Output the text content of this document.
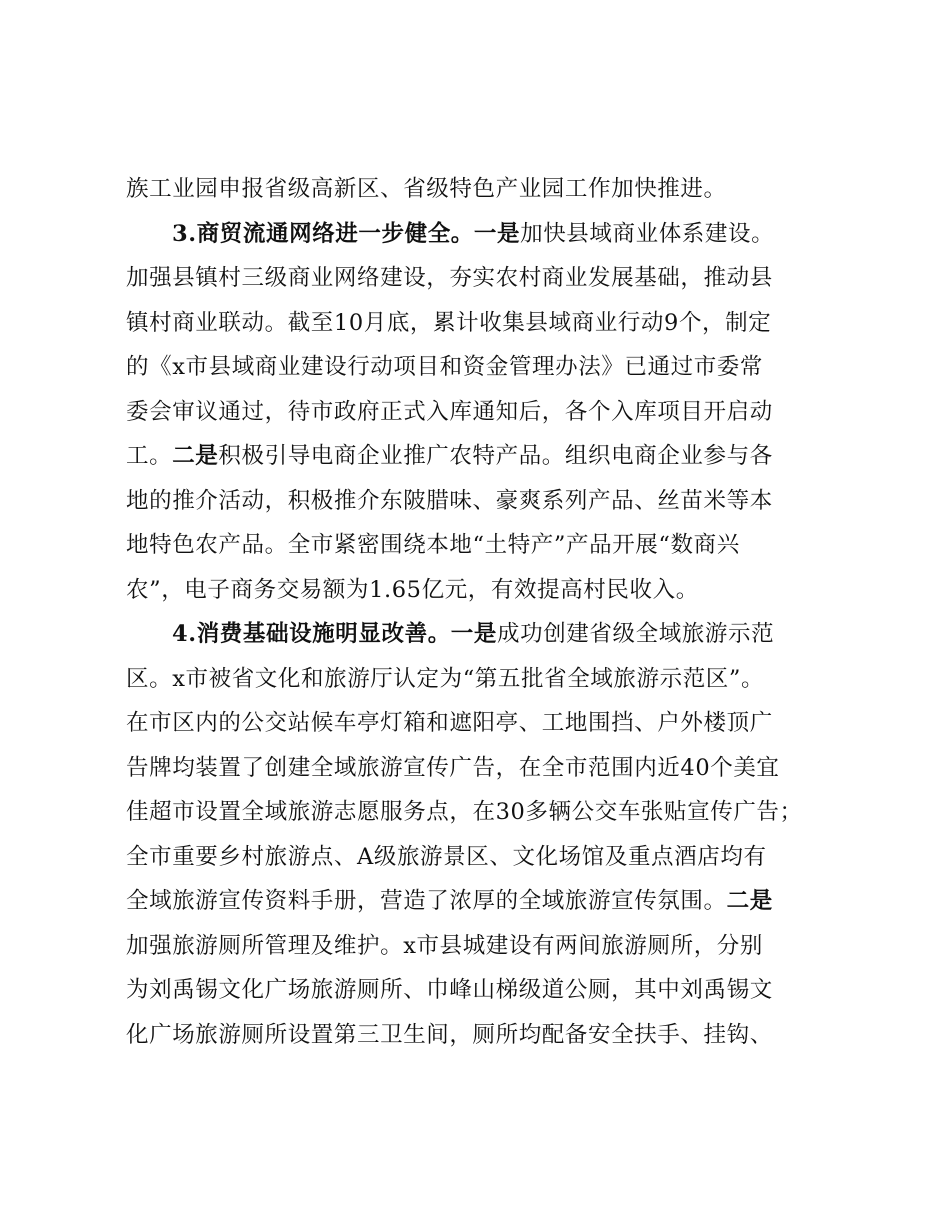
族工业园申报省级高新区、省级特色产业园工作加快推进。
3.商贸流通网络进一步健全。一是加快县域商业体系建设。
加强县镇村三级商业网络建设，夯实农村商业发展基础，推动县
镇村商业联动。截至10月底，累计收集县域商业行动9个，制定
的《x市县域商业建设行动项目和资金管理办法》已通过市委常
委会审议通过，待市政府正式入库通知后，各个入库项目开启动
工。二是积极引导电商企业推广农特产品。组织电商企业参与各
地的推介活动，积极推介东陂腊味、豪爽系列产品、丝苗米等本
地特色农产品。全市紧密围绕本地“土特产”产品开展“数商兴
农”，电子商务交易额为1.65亿元，有效提高村民收入。
4.消费基础设施明显改善。一是成功创建省级全域旅游示范
区。x市被省文化和旅游厅认定为“第五批省全域旅游示范区”。
在市区内的公交站候车亭灯箱和遮阳亭、工地围挡、户外楼顶广
告牌均装置了创建全域旅游宣传广告，在全市范围内近40个美宜
佳超市设置全域旅游志愿服务点，在30多辆公交车张贴宣传广告；
全市重要乡村旅游点、A级旅游景区、文化场馆及重点酒店均有
全域旅游宣传资料手册，营造了浓厚的全域旅游宣传氛围。二是
加强旅游厕所管理及维护。x市县城建设有两间旅游厕所，分别
为刘禹锡文化广场旅游厕所、巾峰山梯级道公厕，其中刘禹锡文
化广场旅游厕所设置第三卫生间，厕所均配备安全扶手、挂钩、
